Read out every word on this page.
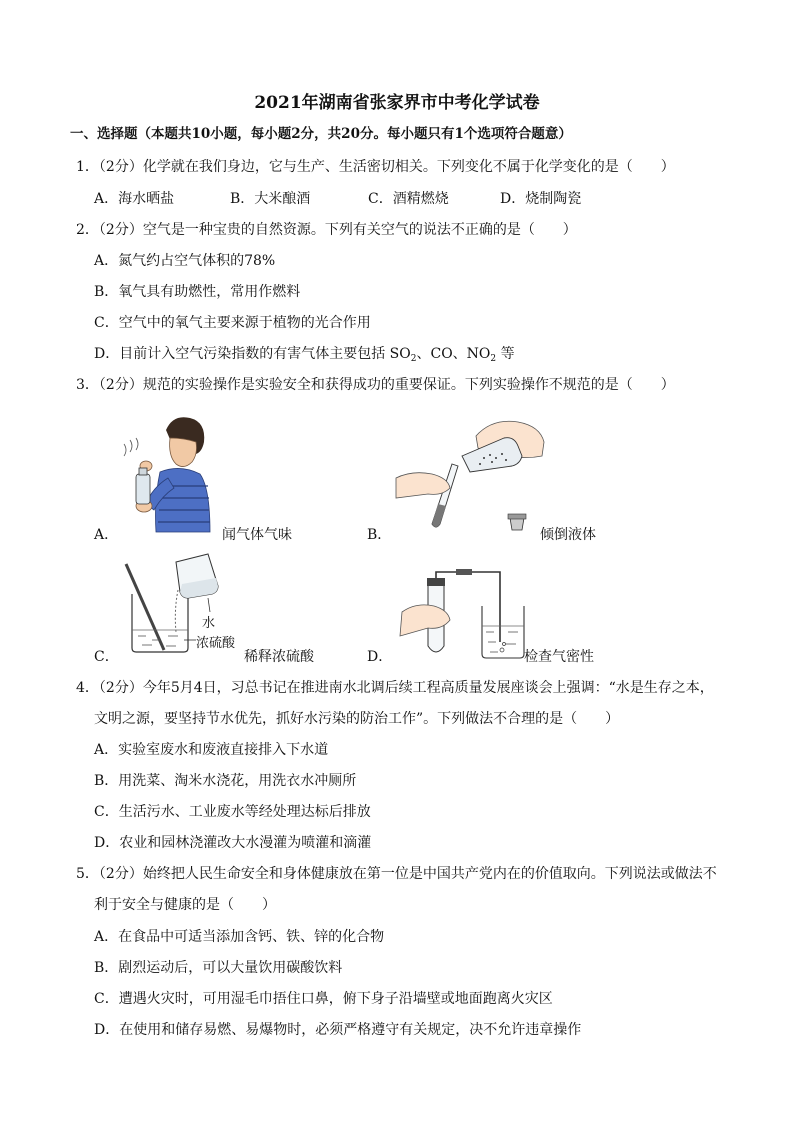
2021年湖南省张家界市中考化学试卷
一、选择题（本题共10小题，每小题2分，共20分。每小题只有1个选项符合题意）
1．（2分）化学就在我们身边，它与生产、生活密切相关。下列变化不属于化学变化的是（　　）
A．海水晒盐	B．大米酿酒	C．酒精燃烧	D．烧制陶瓷
2．（2分）空气是一种宝贵的自然资源。下列有关空气的说法不正确的是（　　）
A．氮气约占空气体积的78%
B．氧气具有助燃性，常用作燃料
C．空气中的氧气主要来源于植物的光合作用
D．目前计入空气污染指数的有害气体主要包括 $SO_2$、CO、$NO_2$ 等
3．（2分）规范的实验操作是实验安全和获得成功的重要保证。下列实验操作不规范的是（　　）
A．	闻气体气味	B．	倾倒液体
水
浓硫酸
C．	稀释浓硫酸	D．	检查气密性
4．（2分）今年5月4日，习总书记在推进南水北调后续工程高质量发展座谈会上强调：“水是生存之本，
文明之源，要坚持节水优先，抓好水污染的防治工作”。下列做法不合理的是（　　）
A．实验室废水和废液直接排入下水道
B．用洗菜、淘米水浇花，用洗衣水冲厕所
C．生活污水、工业废水等经处理达标后排放
D．农业和园林浇灌改大水漫灌为喷灌和滴灌
5．（2分）始终把人民生命安全和身体健康放在第一位是中国共产党内在的价值取向。下列说法或做法不
利于安全与健康的是（　　）
A．在食品中可适当添加含钙、铁、锌的化合物
B．剧烈运动后，可以大量饮用碳酸饮料
C．遭遇火灾时，可用湿毛巾捂住口鼻，俯下身子沿墙壁或地面跑离火灾区
D．在使用和储存易燃、易爆物时，必须严格遵守有关规定，决不允许违章操作
